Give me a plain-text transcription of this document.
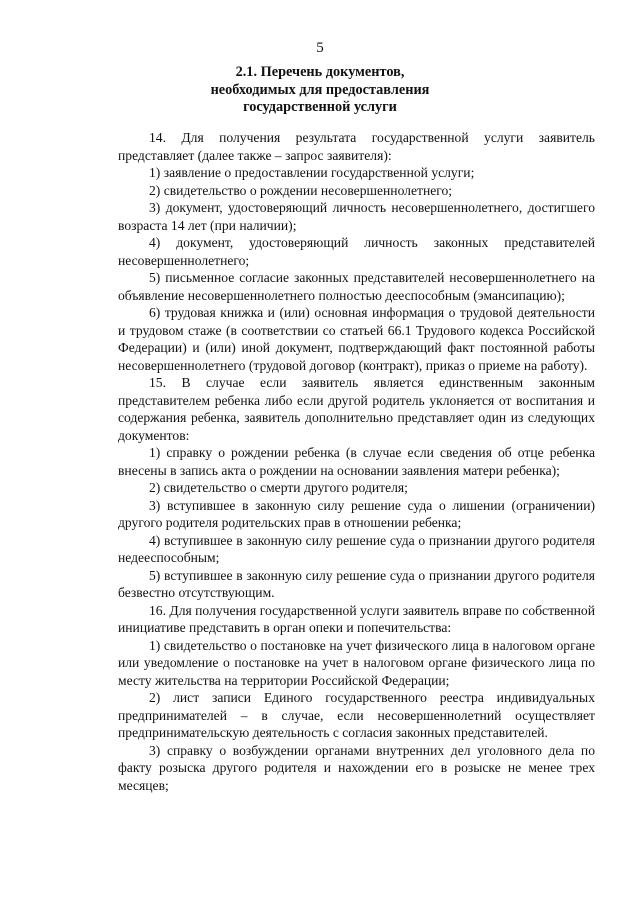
5
2.1. Перечень документов,
необходимых для предоставления
государственной услуги

14. Для получения результата государственной услуги заявитель представляет (далее также – запрос заявителя):

1) заявление о предоставлении государственной услуги;

2) свидетельство о рождении несовершеннолетнего;

3) документ, удостоверяющий личность несовершеннолетнего, достигшего возраста 14 лет (при наличии);

4) документ, удостоверяющий личность законных представителей несовершеннолетнего;

5) письменное согласие законных представителей несовершеннолетнего на объявление несовершеннолетнего полностью дееспособным (эмансипацию);

6) трудовая книжка и (или) основная информация о трудовой деятельности и трудовом стаже (в соответствии со статьей 66.1 Трудового кодекса Российской Федерации) и (или) иной документ, подтверждающий факт постоянной работы несовершеннолетнего (трудовой договор (контракт), приказ о приеме на работу).

15. В случае если заявитель является единственным законным представителем ребенка либо если другой родитель уклоняется от воспитания и содержания ребенка, заявитель дополнительно представляет один из следующих документов:

1) справку о рождении ребенка (в случае если сведения об отце ребенка внесены в запись акта о рождении на основании заявления матери ребенка);

2) свидетельство о смерти другого родителя;

3) вступившее в законную силу решение суда о лишении (ограничении) другого родителя родительских прав в отношении ребенка;

4) вступившее в законную силу решение суда о признании другого родителя недееспособным;

5) вступившее в законную силу решение суда о признании другого родителя безвестно отсутствующим.

16. Для получения государственной услуги заявитель вправе по собственной инициативе представить в орган опеки и попечительства:

1) свидетельство о постановке на учет физического лица в налоговом органе или уведомление о постановке на учет в налоговом органе физического лица по месту жительства на территории Российской Федерации;

2) лист записи Единого государственного реестра индивидуальных предпринимателей – в случае, если несовершеннолетний осуществляет предпринимательскую деятельность с согласия законных представителей.

3) справку о возбуждении органами внутренних дел уголовного дела по факту розыска другого родителя и нахождении его в розыске не менее трех месяцев;
